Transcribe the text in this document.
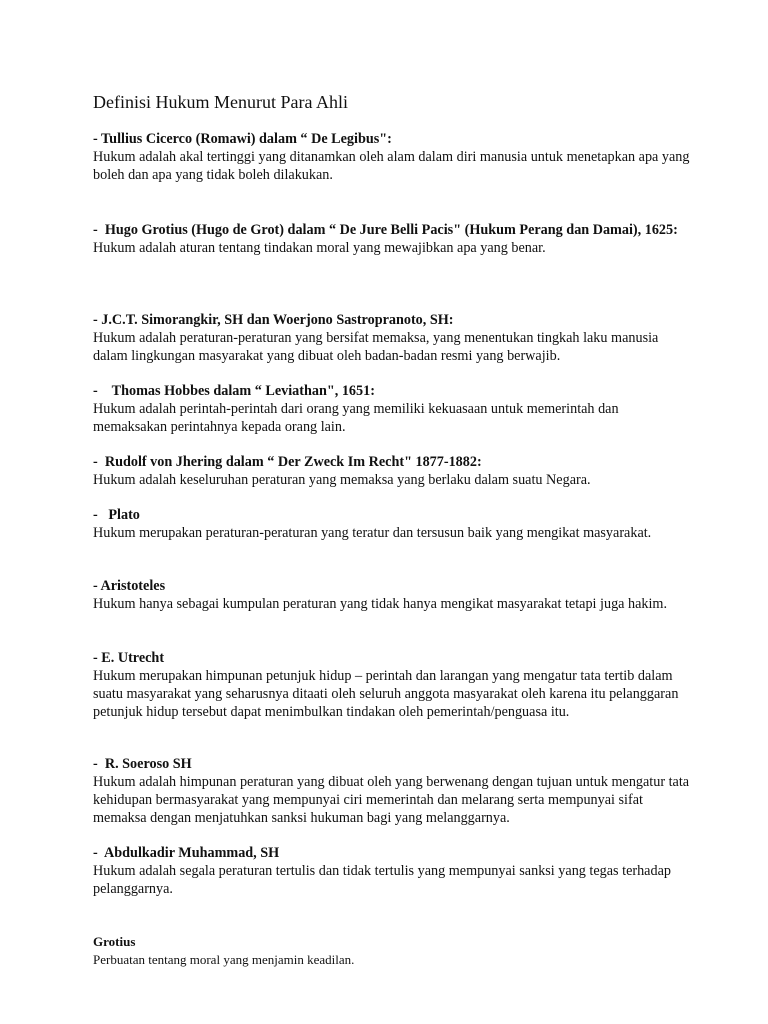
Definisi Hukum Menurut Para Ahli
- Tullius Cicerco (Romawi) dalam “ De Legibus":
Hukum adalah akal tertinggi yang ditanamkan oleh alam dalam diri manusia untuk menetapkan apa yang boleh dan apa yang tidak boleh dilakukan.
-  Hugo Grotius (Hugo de Grot) dalam “ De Jure Belli Pacis" (Hukum Perang dan Damai), 1625:
Hukum adalah aturan tentang tindakan moral yang mewajibkan apa yang benar.
- J.C.T. Simorangkir, SH dan Woerjono Sastropranoto, SH:
Hukum adalah peraturan-peraturan yang bersifat memaksa, yang menentukan tingkah laku manusia dalam lingkungan masyarakat yang dibuat oleh badan-badan resmi yang berwajib.
-    Thomas Hobbes dalam “ Leviathan", 1651:
Hukum adalah perintah-perintah dari orang yang memiliki kekuasaan untuk memerintah dan memaksakan perintahnya kepada orang lain.
-  Rudolf von Jhering dalam “ Der Zweck Im Recht" 1877-1882:
Hukum adalah keseluruhan peraturan yang memaksa yang berlaku dalam suatu Negara.
-   Plato
Hukum merupakan peraturan-peraturan yang teratur dan tersusun baik yang mengikat masyarakat.
- Aristoteles
Hukum hanya sebagai kumpulan peraturan yang tidak hanya mengikat masyarakat tetapi juga hakim.
- E. Utrecht
Hukum merupakan himpunan petunjuk hidup – perintah dan larangan yang mengatur tata tertib dalam suatu masyarakat yang seharusnya ditaati oleh seluruh anggota masyarakat oleh karena itu pelanggaran petunjuk hidup tersebut dapat menimbulkan tindakan oleh pemerintah/penguasa itu.
-  R. Soeroso SH
Hukum adalah himpunan peraturan yang dibuat oleh yang berwenang dengan tujuan untuk mengatur tata kehidupan bermasyarakat yang mempunyai ciri memerintah dan melarang serta mempunyai sifat memaksa dengan menjatuhkan sanksi hukuman bagi yang melanggarnya.
-  Abdulkadir Muhammad, SH
Hukum adalah segala peraturan tertulis dan tidak tertulis yang mempunyai sanksi yang tegas terhadap pelanggarnya.
Grotius
Perbuatan tentang moral yang menjamin keadilan.
